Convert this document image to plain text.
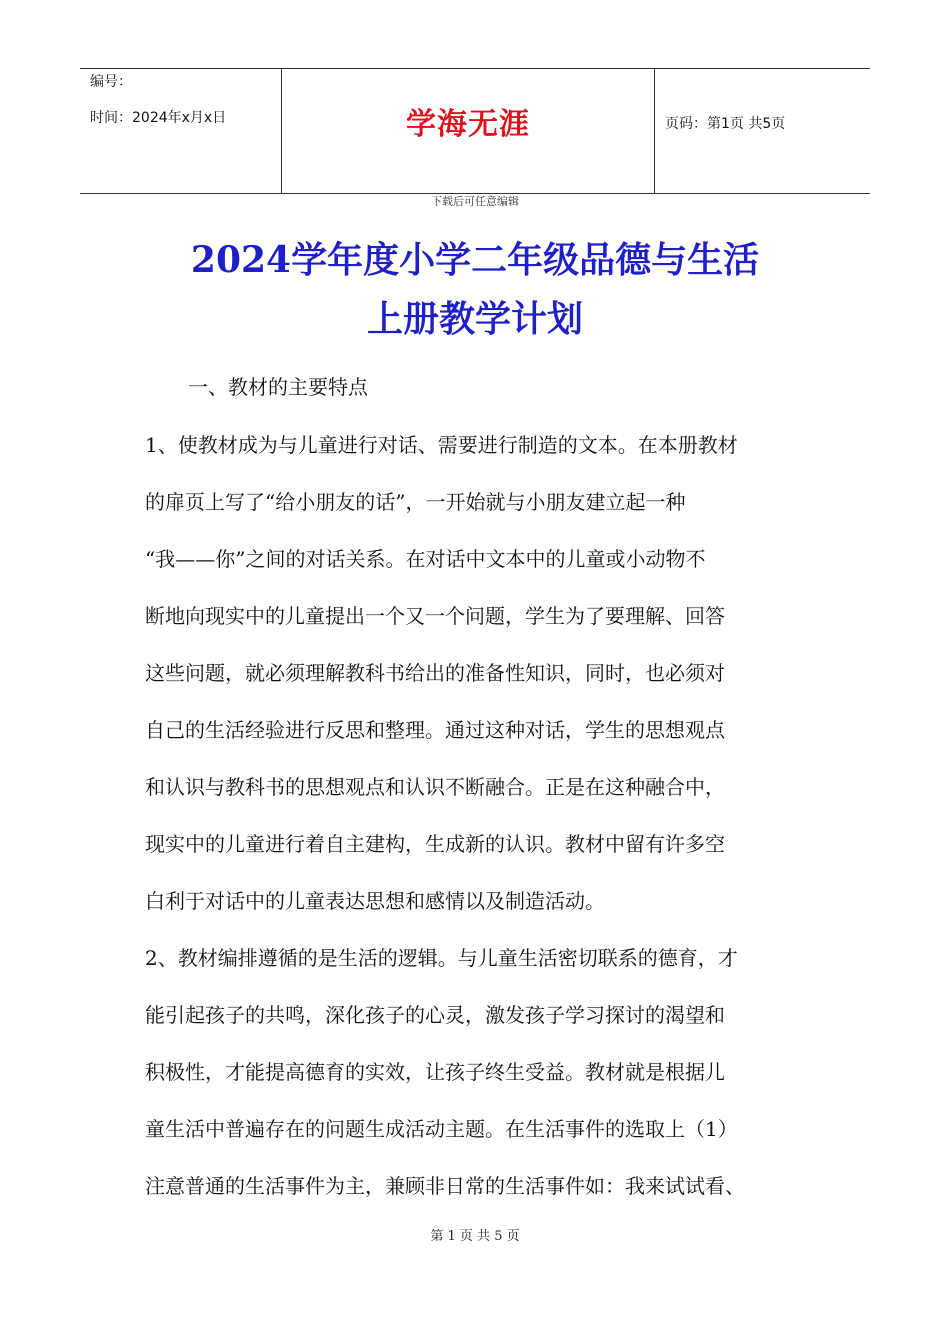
编号：
时间：2024年x月x日	学海无涯	页码：第1页 共5页
下载后可任意编辑
2024学年度小学二年级品德与生活
上册教学计划
一、教材的主要特点
1、使教材成为与儿童进行对话、需要进行制造的文本。在本册教材
的扉页上写了“给小朋友的话”，一开始就与小朋友建立起一种
“我——你”之间的对话关系。在对话中文本中的儿童或小动物不
断地向现实中的儿童提出一个又一个问题，学生为了要理解、回答
这些问题，就必须理解教科书给出的准备性知识，同时，也必须对
自己的生活经验进行反思和整理。通过这种对话，学生的思想观点
和认识与教科书的思想观点和认识不断融合。正是在这种融合中，
现实中的儿童进行着自主建构，生成新的认识。教材中留有许多空
白利于对话中的儿童表达思想和感情以及制造活动。
2、教材编排遵循的是生活的逻辑。与儿童生活密切联系的德育，才
能引起孩子的共鸣，深化孩子的心灵，激发孩子学习探讨的渴望和
积极性，才能提高德育的实效，让孩子终生受益。教材就是根据儿
童生活中普遍存在的问题生成活动主题。在生活事件的选取上（1）
注意普通的生活事件为主，兼顾非日常的生活事件如：我来试试看、
第 1 页 共 5 页
